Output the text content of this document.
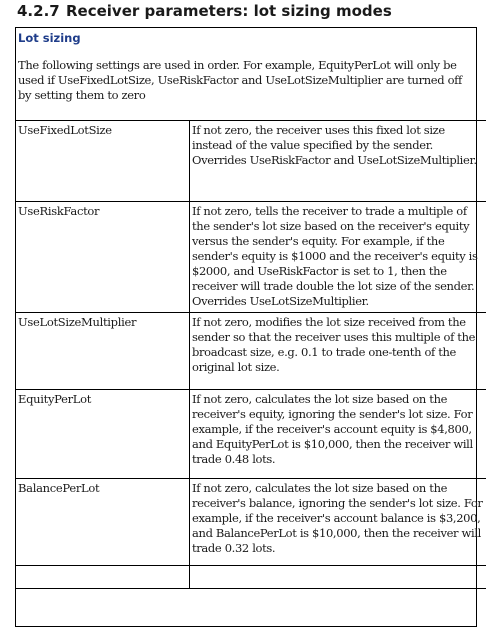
4.2.7 Receiver parameters: lot sizing modes
Lot sizing
The following settings are used in order. For example, EquityPerLot will only be used if UseFixedLotSize, UseRiskFactor and UseLotSizeMultiplier are turned off by setting them to zero
UseFixedLotSize	If not zero, the receiver uses this fixed lot size instead of the value specified by the sender. Overrides UseRiskFactor and UseLotSizeMultiplier.
UseRiskFactor	If not zero, tells the receiver to trade a multiple of the sender's lot size based on the receiver's equity versus the sender's equity. For example, if the sender's equity is $1000 and the receiver's equity is $2000, and UseRiskFactor is set to 1, then the receiver will trade double the lot size of the sender. Overrides UseLotSizeMultiplier.
UseLotSizeMultiplier	If not zero, modifies the lot size received from the sender so that the receiver uses this multiple of the broadcast size, e.g. 0.1 to trade one-tenth of the original lot size.
EquityPerLot	If not zero, calculates the lot size based on the receiver's equity, ignoring the sender's lot size. For example, if the receiver's account equity is $4,800, and EquityPerLot is $10,000, then the receiver will trade 0.48 lots.
BalancePerLot	If not zero, calculates the lot size based on the receiver's balance, ignoring the sender's lot size. For example, if the receiver's account balance is $3,200, and BalancePerLot is $10,000, then the receiver will trade 0.32 lots.
